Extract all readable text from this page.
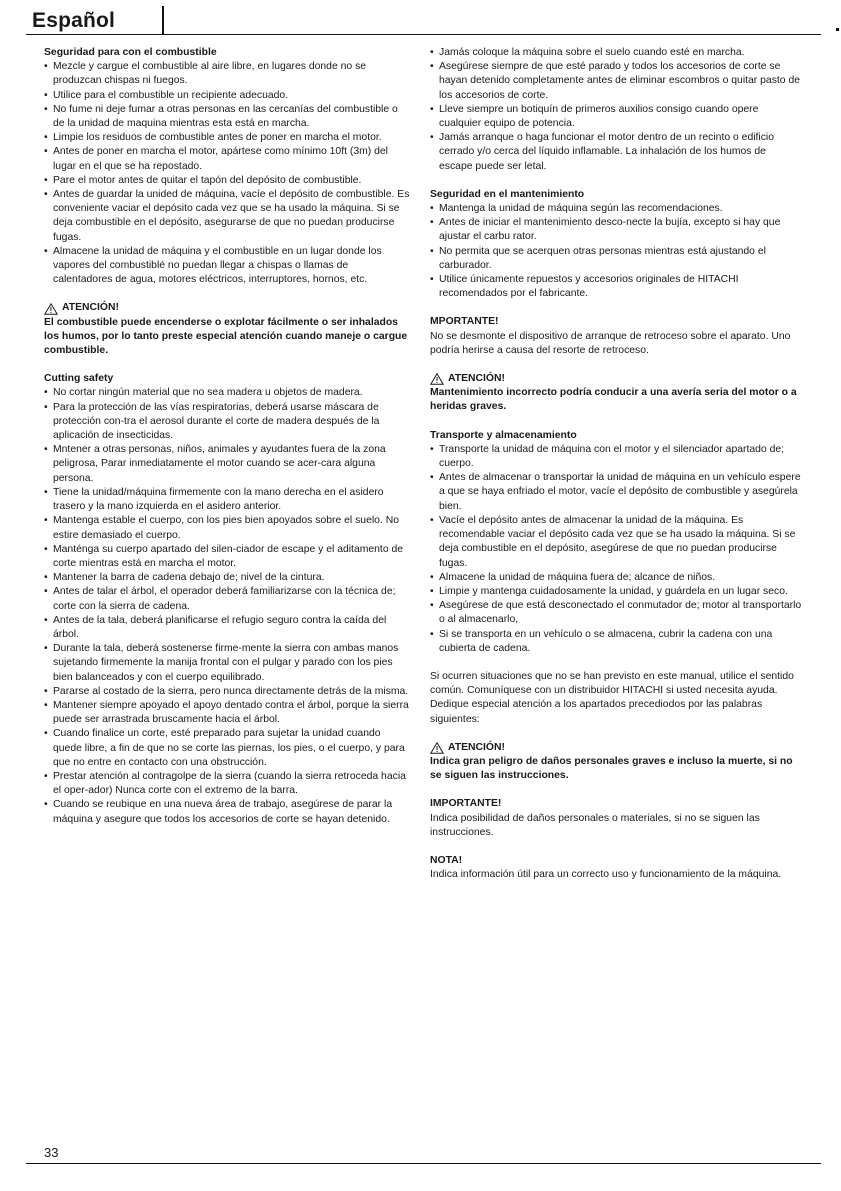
Español

Seguridad para con el combustible

• Mezcle y cargue el combustible al aire libre, en lugares donde no se produzcan chispas ni fuegos.
• Utilice para el combustible un recipiente adecuado.
• No fume ni deje fumar a otras personas en las cercanías del combustible o de la unidad de maquina mientras esta está en marcha.
• Limpie los residuos de combustible antes de poner en marcha el motor.
• Antes de poner en marcha el motor, apártese como mínimo 10ft (3m) del lugar en el que se ha repostado.
• Pare el motor antes de quitar el tapón del depósito de combustible.
• Antes de guardar la unided de máquina, vacíe el depósito de combustible. Es conveniente vaciar el depósito cada vez que se ha usado la máquina. Si se deja combustible en el depósito, asegurarse de que no puedan producirse fugas.
• Almacene la unidad de máquina y el combustible en un lugar donde los vapores del combustiblé no puedan llegar a chispas o llamas de calentadores de agua, motores eléctricos, interruptores, hornos, etc.
ATENCIÓN!

El combustible puede encenderse o explotar fácilmente o ser inhalados los humos, por lo tanto preste especial atención cuando maneje o cargue combustible.

Cutting safety

• No cortar ningún material que no sea madera u objetos de madera.
• Para la protección de las vías respiratorias, deberá usarse máscara de protección con-tra el aerosol durante el corte de madera después de la aplicación de insecticidas.
• Mntener a otras personas, niños, animales y ayudantes fuera de la zona peligrosa, Parar inmediatamente el motor cuando se acer-cara alguna persona.
• Tiene la unidad/máquina firmemente con la mano derecha en el asidero trasero y la mano izquierda en el asidero anterior.
• Mantenga estable el cuerpo, con los pies bien apoyados sobre el suelo. No estire demasiado el cuerpo.
• Manténga su cuerpo apartado del silen-ciador de escape y el aditamento de corte mientras está en marcha el motor.
• Mantener la barra de cadena debajo de; nivel de la cintura.
• Antes de talar el árbol, el operador deberá familiarizarse con la técnica de; corte con la sierra de cadena.
• Antes de la tala, deberá planificarse el refugio seguro contra la caída del árbol.
• Durante la tala, deberá sostenerse firme-mente la sierra con ambas manos sujetando firmemente la manija frontal con el pulgar y parado con los pies bien balanceados y con el cuerpo equilibrado.
• Pararse al costado de la sierra, pero nunca directamente detrás de la misma.
• Mantener siempre apoyado el apoyo dentado contra el árbol, porque la sierra puede ser arrastrada bruscamente hacia el árbol.
• Cuando finalice un corte, esté preparado para sujetar la unidad cuando quede libre, a fin de que no se corte las piernas, los pies, o el cuerpo, y para que no entre en contacto con una obstrucción.
• Prestar atención al contragolpe de la sierra (cuando la sierra retroceda hacia el oper-ador) Nunca corte con el extremo de la barra.
• Cuando se reubique en una nueva área de trabajo, asegúrese de parar la máquina y asegure que todos los accesorios de corte se hayan detenido.
• Jamás coloque la máquina sobre el suelo cuando esté en marcha.
• Asegúrese siempre de que esté parado y todos los accesorios de corte se hayan detenido completamente antes de eliminar escombros o quitar pasto de los accesorios de corte.
• Lleve siempre un botiquín de primeros auxilios consigo cuando opere cualquier equipo de potencia.
• Jamás arranque o haga funcionar el motor dentro de un recinto o edificio cerrado y/o cerca del líquido inflamable. La inhalación de los humos de escape puede ser letal.

Seguridad en el mantenimiento

• Mantenga la unidad de máquina según las recomendaciones.
• Antes de iniciar el mantenimiento desco-necte la bujía, excepto si hay que ajustar el carbu rator.
• No permita que se acerquen otras personas mientras está ajustando el carburador.
• Utilice únicamente repuestos y accesorios originales de HITACHI recomendados por el fabricante.

MPORTANTE!

No se desmonte el dispositivo de arranque de retroceso sobre el aparato. Uno podría herirse a causa del resorte de retroceso.

ATENCIÓN!

Mantenimiento incorrecto podría conducir a una avería seria del motor o a heridas graves.

Transporte y almacenamiento

• Transporte la unidad de máquina con el motor y el silenciador apartado de; cuerpo.
• Antes de almacenar o transportar la unidad de máquina en un vehículo espere a que se haya enfriado el motor, vacíe el depósito de combustible y asegúrela bien.
• Vacíe el depósito antes de almacenar la unidad de la máquina. Es recomendable vaciar el depósito cada vez que se ha usado la máquina. Si se deja combustible en el depósito, asegúrese de que no puedan producirse fugas.
• Almacene la unidad de máquina fuera de; alcance de niños.
• Limpie y mantenga cuidadosamente la unidad, y guárdela en un lugar seco.
• Asegúrese de que está desconectado el conmutador de; motor al transportarlo o al almacenarlo,
• Si se transporta en un vehículo o se almacena, cubrir la cadena con una cubierta de cadena.

Si ocurren situaciones que no se han previsto en este manual, utilice el sentido común. Comuníquese con un distribuidor HITACHI si usted necesita ayuda. Dedique especial atención a los apartados precediodos por las palabras siguientes:

ATENCIÓN!

Indica gran peligro de daños personales graves e incluso la muerte, si no se siguen las instrucciones.

IMPORTANTE!

Indica posibilidad de daños personales o materiales, si no se siguen las instrucciones.

NOTA!

Indica información útil para un correcto uso y funcionamiento de la máquina.

33
